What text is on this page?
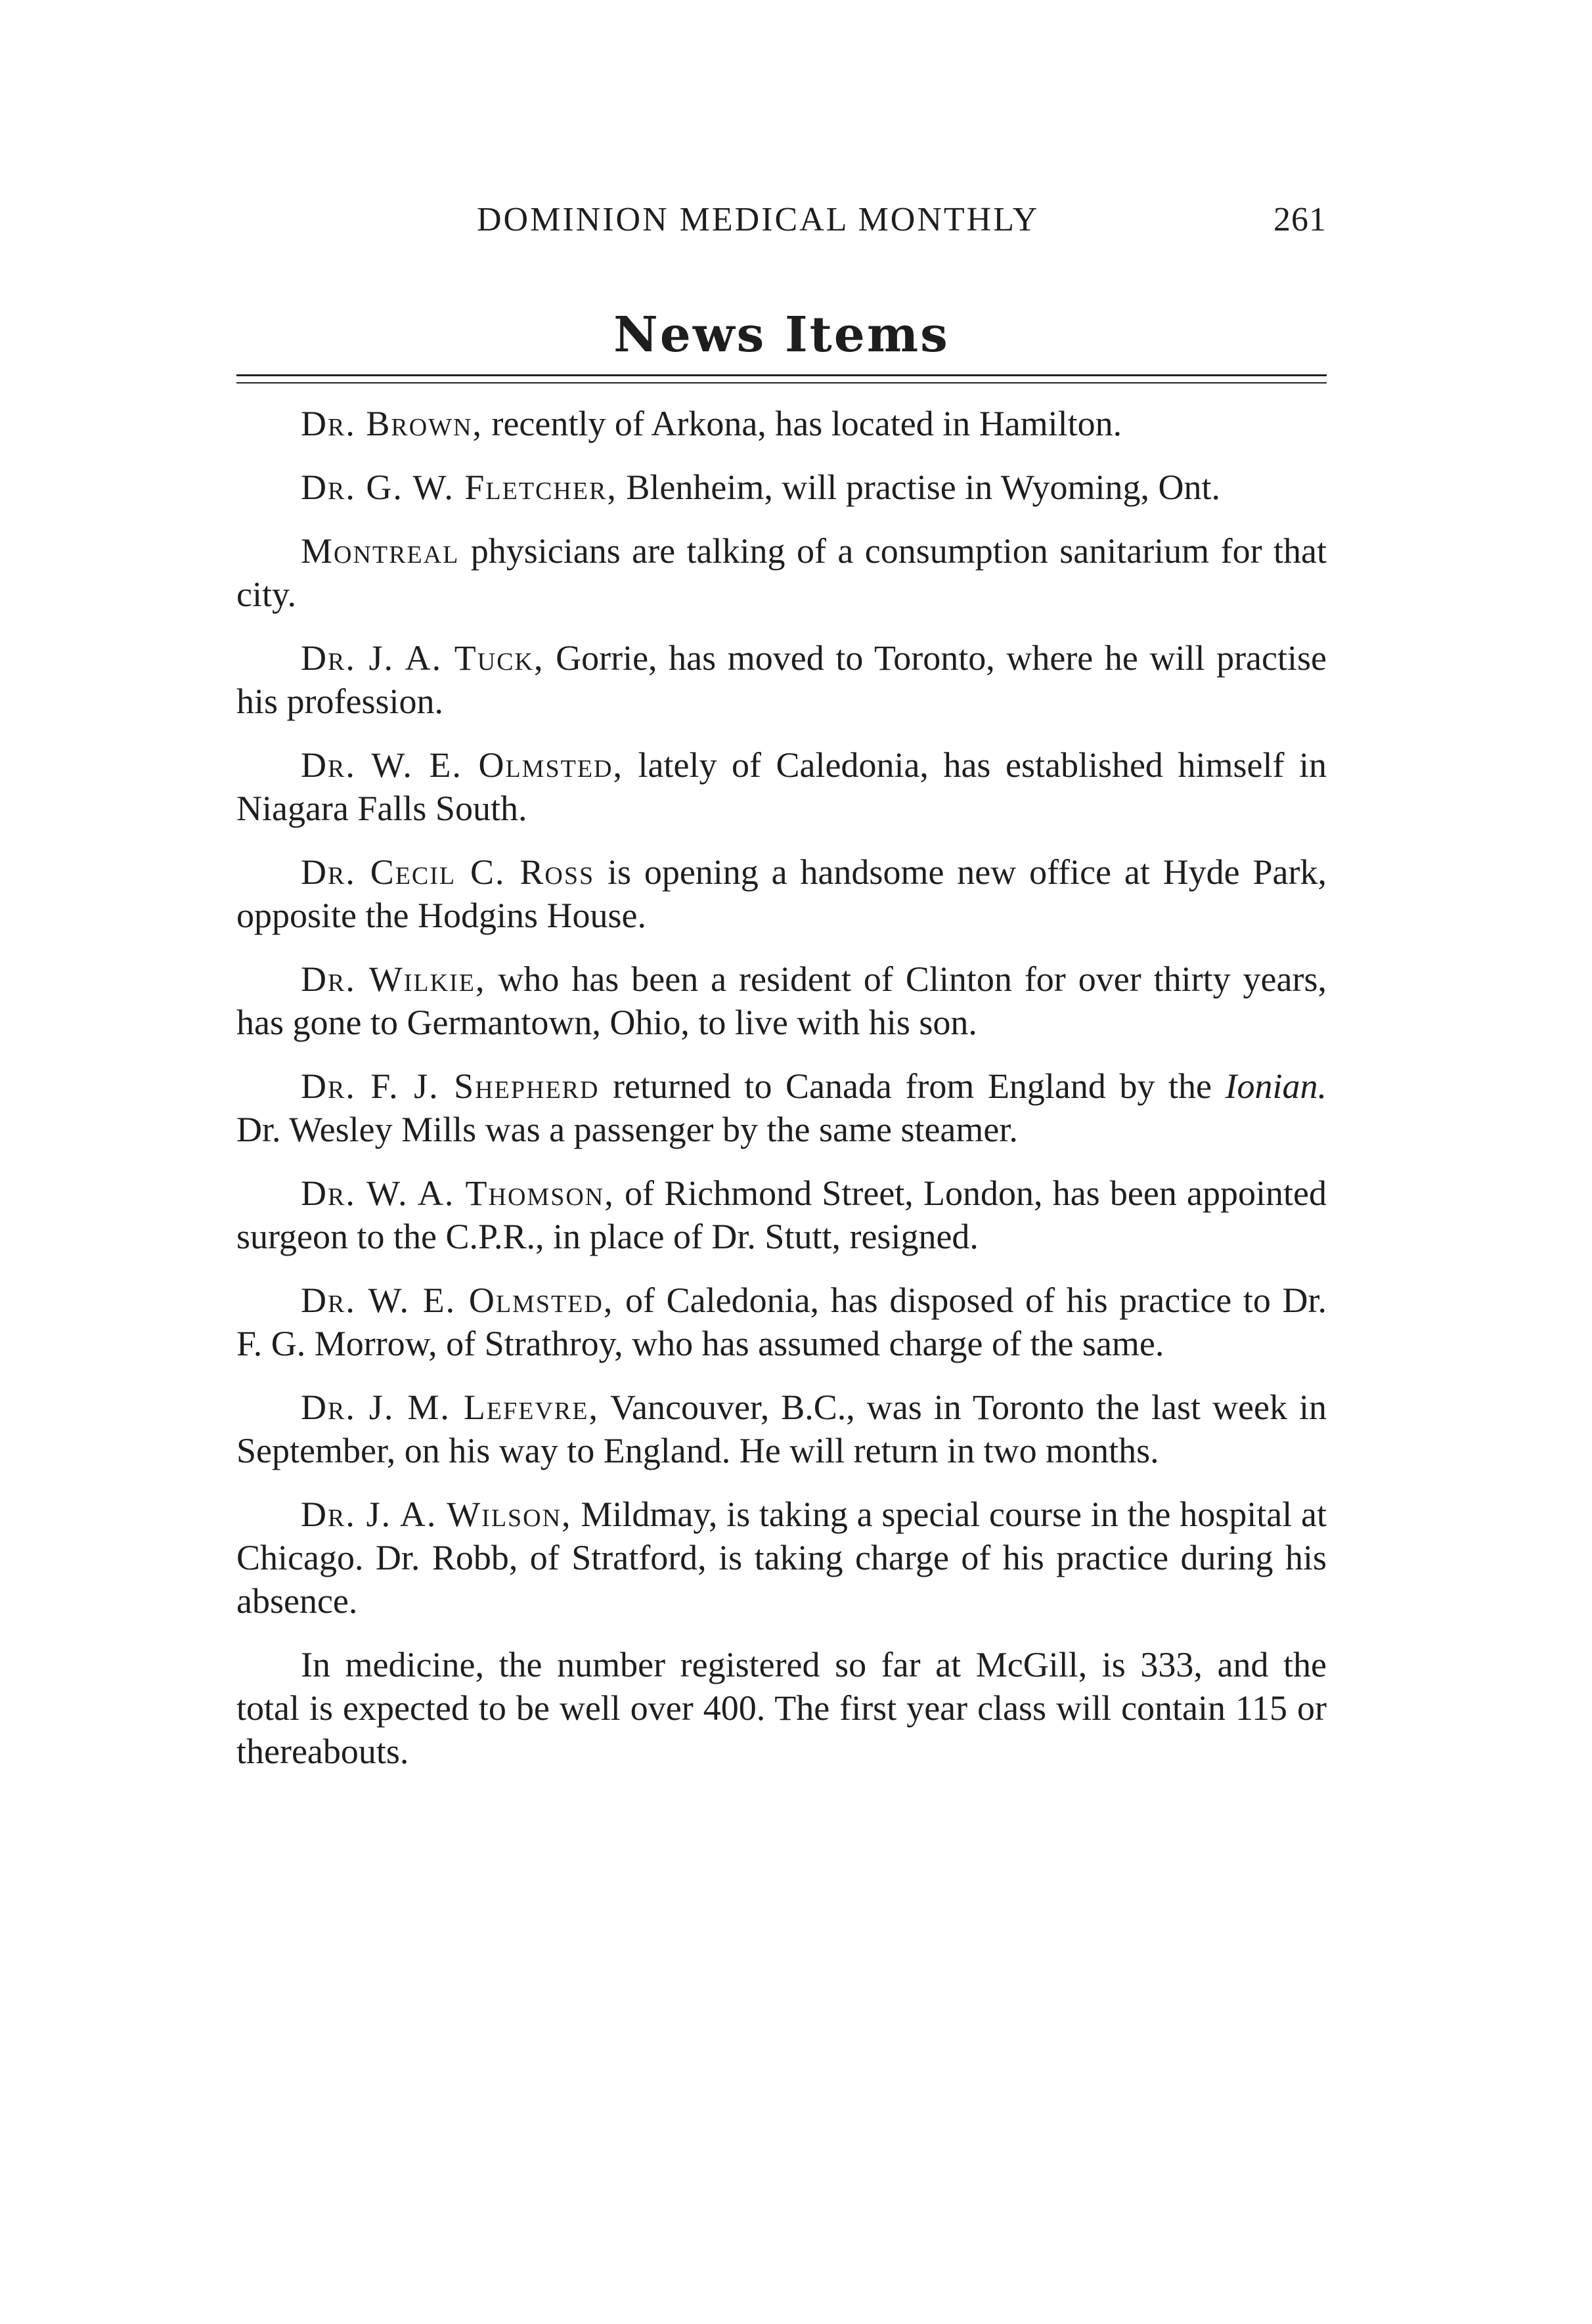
DOMINION MEDICAL MONTHLY	261
News Items

Dr. Brown, recently of Arkona, has located in Hamilton.

Dr. G. W. Fletcher, Blenheim, will practise in Wyoming, Ont.

Montreal physicians are talking of a consumption sanitarium for that city.

Dr. J. A. Tuck, Gorrie, has moved to Toronto, where he will practise his profession.

Dr. W. E. Olmsted, lately of Caledonia, has established himself in Niagara Falls South.

Dr. Cecil C. Ross is opening a handsome new office at Hyde Park, opposite the Hodgins House.

Dr. Wilkie, who has been a resident of Clinton for over thirty years, has gone to Germantown, Ohio, to live with his son.

Dr. F. J. Shepherd returned to Canada from England by the Ionian. Dr. Wesley Mills was a passenger by the same steamer.

Dr. W. A. Thomson, of Richmond Street, London, has been appointed surgeon to the C.P.R., in place of Dr. Stutt, resigned.

Dr. W. E. Olmsted, of Caledonia, has disposed of his practice to Dr. F. G. Morrow, of Strathroy, who has assumed charge of the same.

Dr. J. M. Lefevre, Vancouver, B.C., was in Toronto the last week in September, on his way to England. He will return in two months.

Dr. J. A. Wilson, Mildmay, is taking a special course in the hospital at Chicago. Dr. Robb, of Stratford, is taking charge of his practice during his absence.

In medicine, the number registered so far at McGill, is 333, and the total is expected to be well over 400. The first year class will contain 115 or thereabouts.
